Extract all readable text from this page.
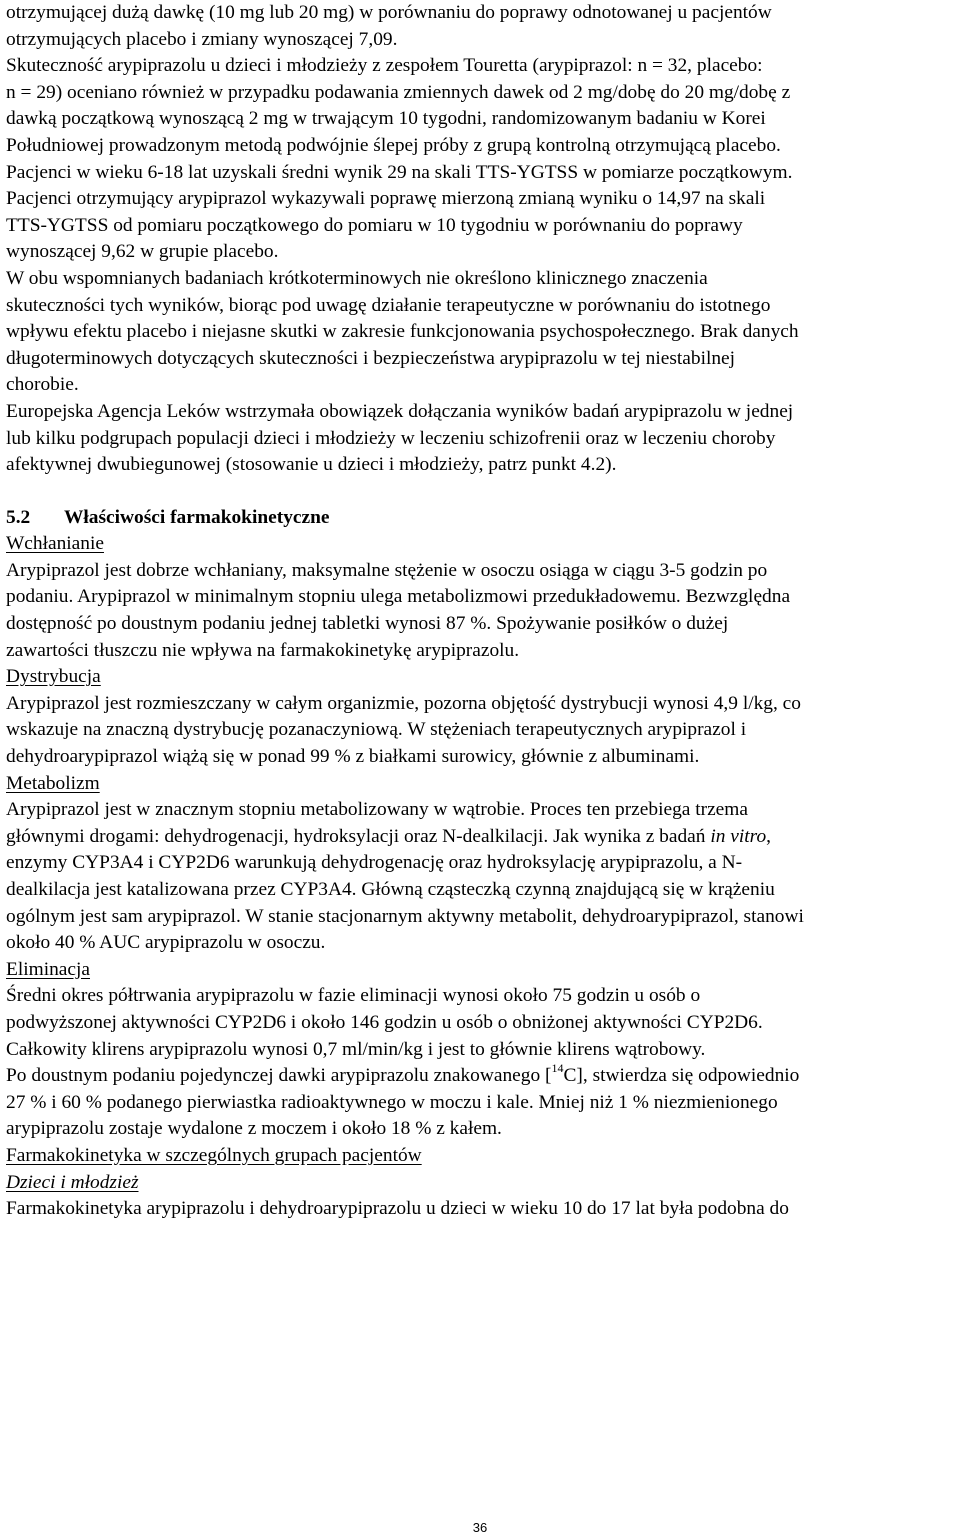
otrzymującej dużą dawkę (10 mg lub 20 mg) w porównaniu do poprawy odnotowanej u pacjentów
otrzymujących placebo i zmiany wynoszącej 7,09.

Skuteczność arypiprazolu u dzieci i młodzieży z zespołem Touretta (arypiprazol: n = 32, placebo:
n = 29) oceniano również w przypadku podawania zmiennych dawek od 2 mg/dobę do 20 mg/dobę z
dawką początkową wynoszącą 2 mg w trwającym 10 tygodni, randomizowanym badaniu w Korei
Południowej prowadzonym metodą podwójnie ślepej próby z grupą kontrolną otrzymującą placebo.
Pacjenci w wieku 6-18 lat uzyskali średni wynik 29 na skali TTS-YGTSS w pomiarze początkowym.
Pacjenci otrzymujący arypiprazol wykazywali poprawę mierzoną zmianą wyniku o 14,97 na skali
TTS-YGTSS od pomiaru początkowego do pomiaru w 10 tygodniu w porównaniu do poprawy
wynoszącej 9,62 w grupie placebo.

W obu wspomnianych badaniach krótkoterminowych nie określono klinicznego znaczenia
skuteczności tych wyników, biorąc pod uwagę działanie terapeutyczne w porównaniu do istotnego
wpływu efektu placebo i niejasne skutki w zakresie funkcjonowania psychospołecznego. Brak danych
długoterminowych dotyczących skuteczności i bezpieczeństwa arypiprazolu w tej niestabilnej
chorobie.

Europejska Agencja Leków wstrzymała obowiązek dołączania wyników badań arypiprazolu w jednej
lub kilku podgrupach populacji dzieci i młodzieży w leczeniu schizofrenii oraz w leczeniu choroby
afektywnej dwubiegunowej (stosowanie u dzieci i młodzieży, patrz punkt 4.2).

5.2	Właściwości farmakokinetyczne

Wchłanianie
Arypiprazol jest dobrze wchłaniany, maksymalne stężenie w osoczu osiąga w ciągu 3-5 godzin po
podaniu. Arypiprazol w minimalnym stopniu ulega metabolizmowi przedukładowemu. Bezwzględna
dostępność po doustnym podaniu jednej tabletki wynosi 87 %. Spożywanie posiłków o dużej
zawartości tłuszczu nie wpływa na farmakokinetykę arypiprazolu.

Dystrybucja
Arypiprazol jest rozmieszczany w całym organizmie, pozorna objętość dystrybucji wynosi 4,9 l/kg, co
wskazuje na znaczną dystrybucję pozanaczyniową. W stężeniach terapeutycznych arypiprazol i
dehydroarypiprazol wiążą się w ponad 99 % z białkami surowicy, głównie z albuminami.

Metabolizm
Arypiprazol jest w znacznym stopniu metabolizowany w wątrobie. Proces ten przebiega trzema
głównymi drogami: dehydrogenacji, hydroksylacji oraz N-dealkilacji. Jak wynika z badań in vitro,
enzymy CYP3A4 i CYP2D6 warunkują dehydrogenację oraz hydroksylację arypiprazolu, a N-
dealkilacja jest katalizowana przez CYP3A4. Główną cząsteczką czynną znajdującą się w krążeniu
ogólnym jest sam arypiprazol. W stanie stacjonarnym aktywny metabolit, dehydroarypiprazol, stanowi
około 40 % AUC arypiprazolu w osoczu.

Eliminacja
Średni okres półtrwania arypiprazolu w fazie eliminacji wynosi około 75 godzin u osób o
podwyższonej aktywności CYP2D6 i około 146 godzin u osób o obniżonej aktywności CYP2D6.

Całkowity klirens arypiprazolu wynosi 0,7 ml/min/kg i jest to głównie klirens wątrobowy.

Po doustnym podaniu pojedynczej dawki arypiprazolu znakowanego [$^{14}$C], stwierdza się odpowiednio
27 % i 60 % podanego pierwiastka radioaktywnego w moczu i kale. Mniej niż 1 % niezmienionego
arypiprazolu zostaje wydalone z moczem i około 18 % z kałem.

Farmakokinetyka w szczególnych grupach pacjentów

Dzieci i młodzież
Farmakokinetyka arypiprazolu i dehydroarypiprazolu u dzieci w wieku 10 do 17 lat była podobna do

36
